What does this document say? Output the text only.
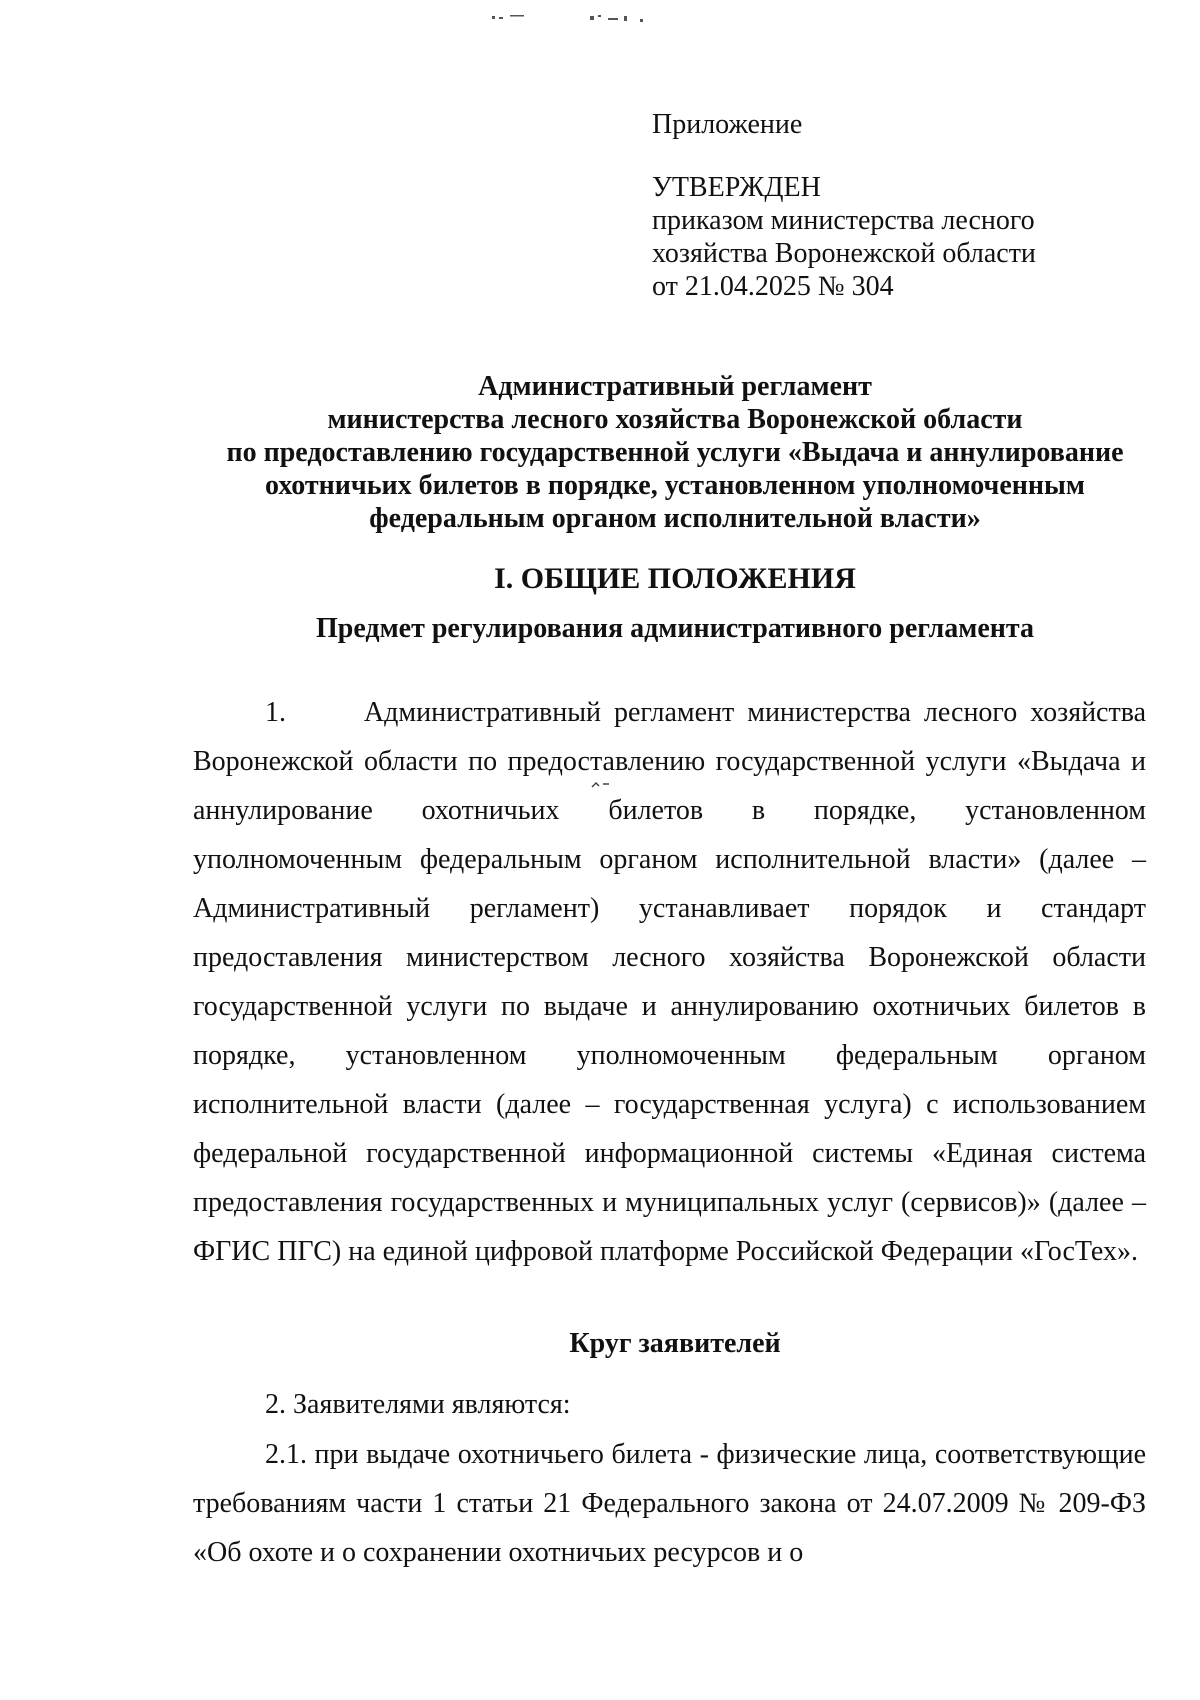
Приложение
УТВЕРЖДЕН
приказом министерства лесного
хозяйства Воронежской области
от 21.04.2025 № 304
Административный регламент
министерства лесного хозяйства Воронежской области
по предоставлению государственной услуги «Выдача и аннулирование
охотничьих билетов в порядке, установленном уполномоченным
федеральным органом исполнительной власти»
I. ОБЩИЕ ПОЛОЖЕНИЯ
Предмет регулирования административного регламента
1.	Административный регламент министерства лесного хозяйства Воронежской области по предоставлению государственной услуги «Выдача и аннулирование охотничьих билетов в порядке, установленном уполномоченным федеральным органом исполнительной власти» (далее – Административный регламент) устанавливает порядок и стандарт предоставления министерством лесного хозяйства Воронежской области государственной услуги по выдаче и аннулированию охотничьих билетов в порядке, установленном уполномоченным федеральным органом исполнительной власти (далее – государственная услуга) с использованием федеральной государственной информационной системы «Единая система предоставления государственных и муниципальных услуг (сервисов)» (далее – ФГИС ПГС) на единой цифровой платформе Российской Федерации «ГосТех».
Круг заявителей
2. Заявителями являются:
2.1. при выдаче охотничьего билета - физические лица, соответствующие требованиям части 1 статьи 21 Федерального закона от 24.07.2009 № 209-ФЗ «Об охоте и о сохранении охотничьих ресурсов и о
